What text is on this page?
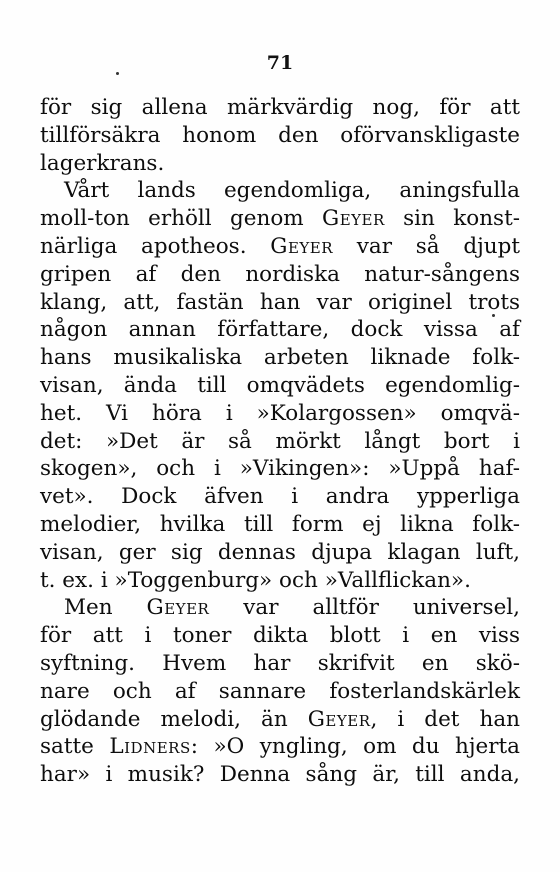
71
för sig allena märkvärdig nog, för att
tillförsäkra honom den oförvanskligaste
lagerkrans.
Vårt lands egendomliga, aningsfulla
moll-ton erhöll genom Geyer sin konst-
närliga apotheos. Geyer var så djupt
gripen af den nordiska natur-sångens
klang, att, fastän han var originel trots
någon annan författare, dock vissa af
hans musikaliska arbeten liknade folk-
visan, ända till omqvädets egendomlig-
het. Vi höra i »Kolargossen» omqvä-
det: »Det är så mörkt långt bort i
skogen», och i »Vikingen»: »Uppå haf-
vet». Dock äfven i andra ypperliga
melodier, hvilka till form ej likna folk-
visan, ger sig dennas djupa klagan luft,
t. ex. i »Toggenburg» och »Vallflickan».
Men Geyer var alltför universel,
för att i toner dikta blott i en viss
syftning. Hvem har skrifvit en skö-
nare och af sannare fosterlandskärlek
glödande melodi, än Geyer, i det han
satte Lidners: »O yngling, om du hjerta
har» i musik? Denna sång är, till anda,
